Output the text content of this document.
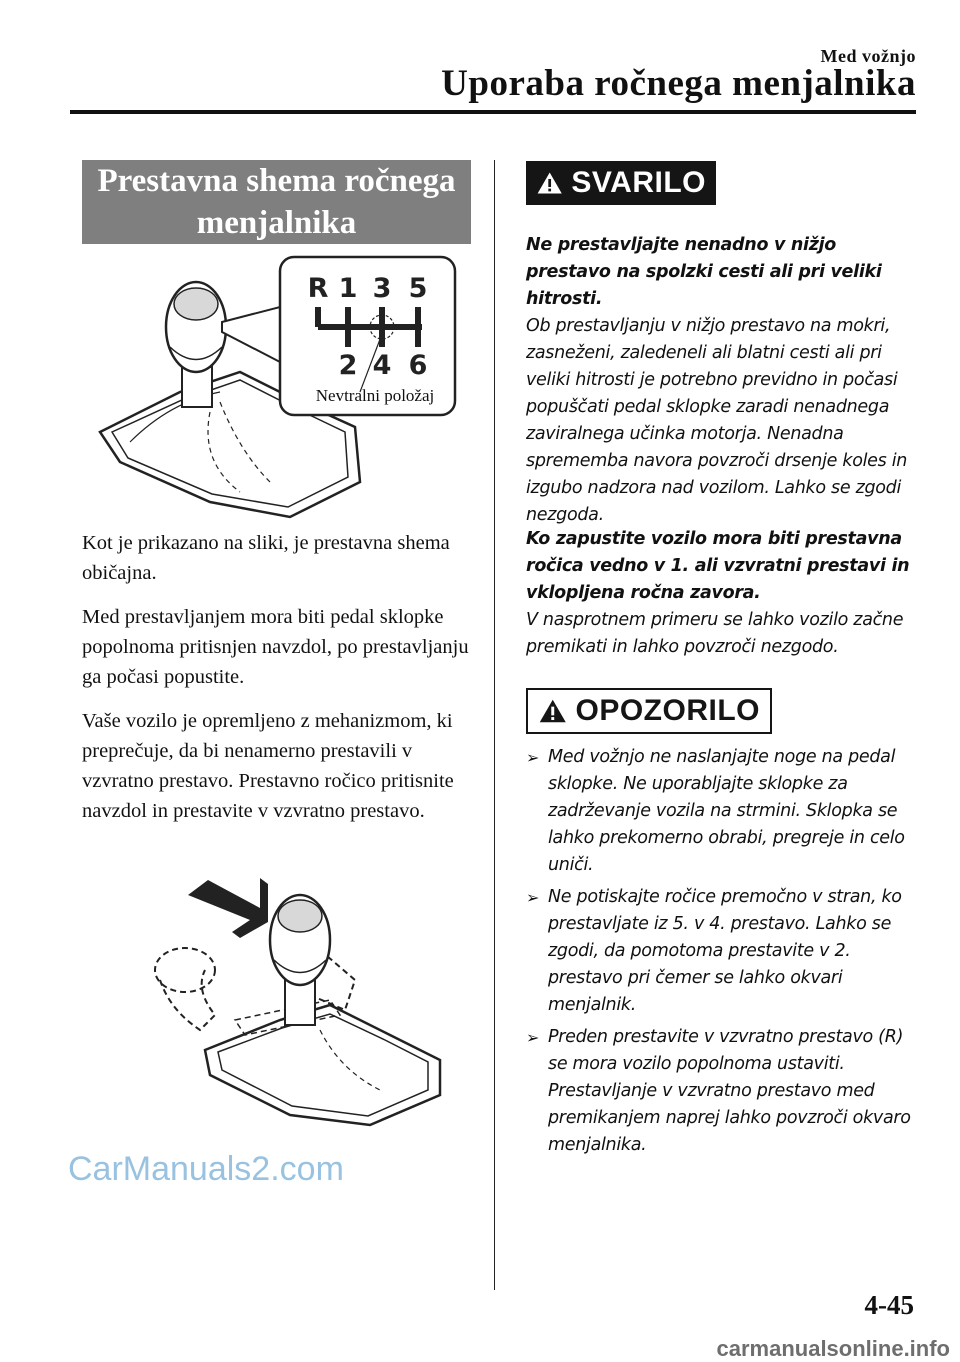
Med vožnjo
Uporaba ročnega menjalnika
Prestavna shema ročnega menjalnika
R 1 3 5
2 4 6
Nevtralni položaj

Kot je prikazano na sliki, je prestavna shema običajna.

Med prestavljanjem mora biti pedal sklopke popolnoma pritisnjen navzdol, po prestavljanju ga počasi popustite.

Vaše vozilo je opremljeno z mehanizmom, ki preprečuje, da bi nenamerno prestavili v vzvratno prestavo. Prestavno ročico pritisnite navzdol in prestavite v vzvratno prestavo.

SVARILO

Ne prestavljajte nenadno v nižjo prestavo na spolzki cesti ali pri veliki hitrosti.

Ob prestavljanju v nižjo prestavo na mokri, zasneženi, zaledeneli ali blatni cesti ali pri veliki hitrosti je potrebno previdno in počasi popuščati pedal sklopke zaradi nenadnega zaviralnega učinka motorja. Nenadna sprememba navora povzroči drsenje koles in izgubo nadzora nad vozilom. Lahko se zgodi nezgoda.

Ko zapustite vozilo mora biti prestavna ročica vedno v 1. ali vzvratni prestavi in vklopljena ročna zavora.

V nasprotnem primeru se lahko vozilo začne premikati in lahko povzroči nezgodo.

OPOZORILO
➢ Med vožnjo ne naslanjajte noge na pedal sklopke. Ne uporabljajte sklopke za zadrževanje vozila na strmini. Sklopka se lahko prekomerno obrabi, pregreje in celo uniči.
➢ Ne potiskajte ročice premočno v stran, ko prestavljate iz 5. v 4. prestavo. Lahko se zgodi, da pomotoma prestavite v 2. prestavo pri čemer se lahko okvari menjalnik.
➢ Preden prestavite v vzvratno prestavo (R) se mora vozilo popolnoma ustaviti. Prestavljanje v vzvratno prestavo med premikanjem naprej lahko povzroči okvaro menjalnika.
CarManuals2.com
4-45
carmanualsonline.info
